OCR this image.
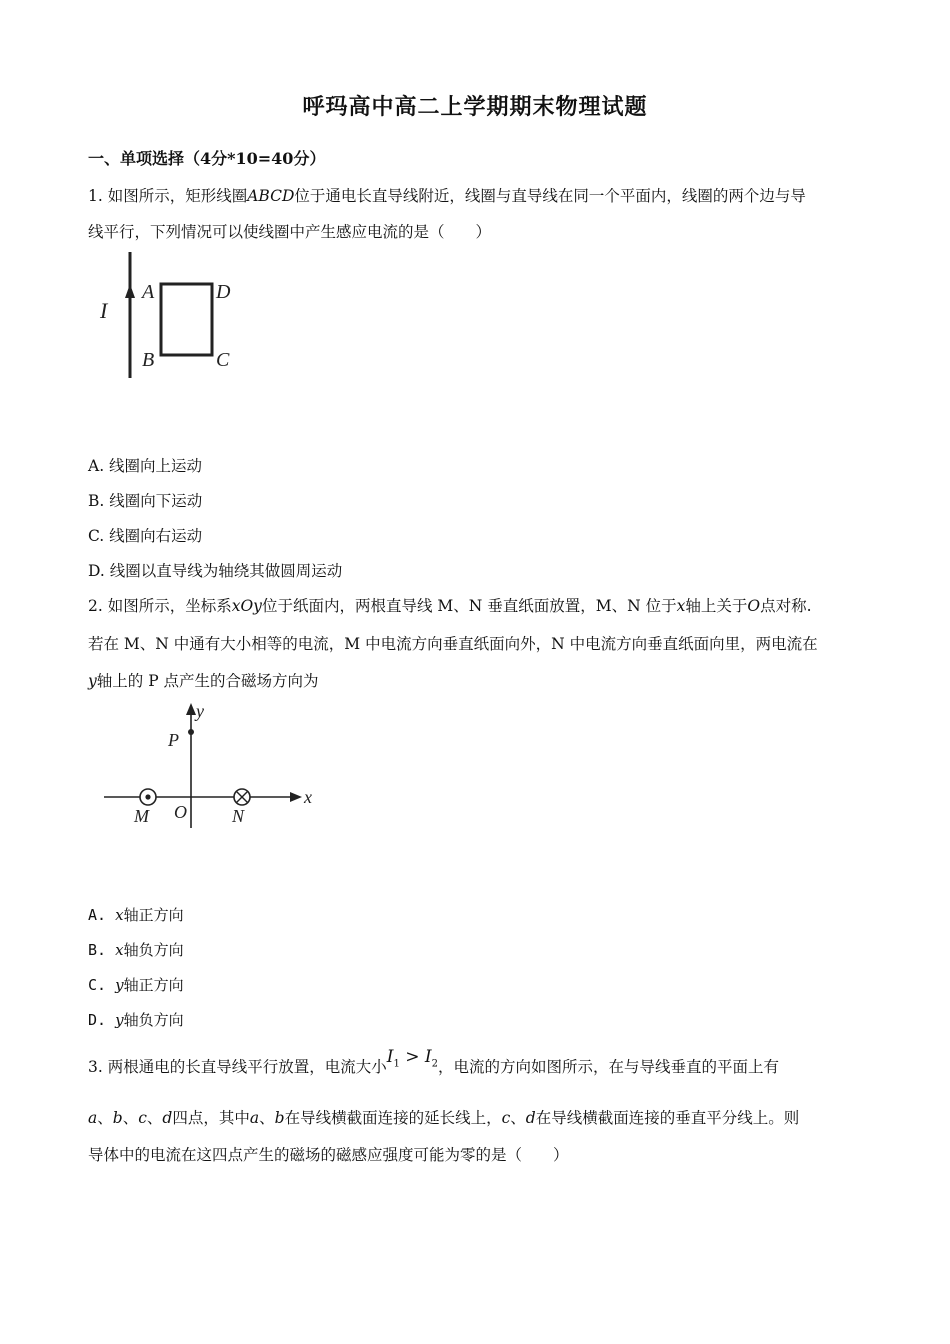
呼玛高中高二上学期期末物理试题
一、单项选择（4分*10=40分）
1. 如图所示，矩形线圈ABCD位于通电长直导线附近，线圈与直导线在同一个平面内，线圈的两个边与导
线平行，下列情况可以使线圈中产生感应电流的是（　　）
I
A	D
B	C
A. 线圈向上运动
B. 线圈向下运动
C. 线圈向右运动
D. 线圈以直导线为轴绕其做圆周运动
2. 如图所示，坐标系xOy位于纸面内，两根直导线 M、N 垂直纸面放置，M、N 位于x轴上关于O点对称.
若在 M、N 中通有大小相等的电流，M 中电流方向垂直纸面向外，N 中电流方向垂直纸面向里，两电流在
y轴上的 P 点产生的合磁场方向为
x
y
P
M O	N
A. x轴正方向
B. x轴负方向
C. y轴正方向
D. y轴负方向
3. 两根通电的长直导线平行放置，电流大小$I_1 > I_2$，电流的方向如图所示，在与导线垂直的平面上有
a、b、c、d四点，其中a、b在导线横截面连接的延长线上，c、d在导线横截面连接的垂直平分线上。则
导体中的电流在这四点产生的磁场的磁感应强度可能为零的是（　　）
